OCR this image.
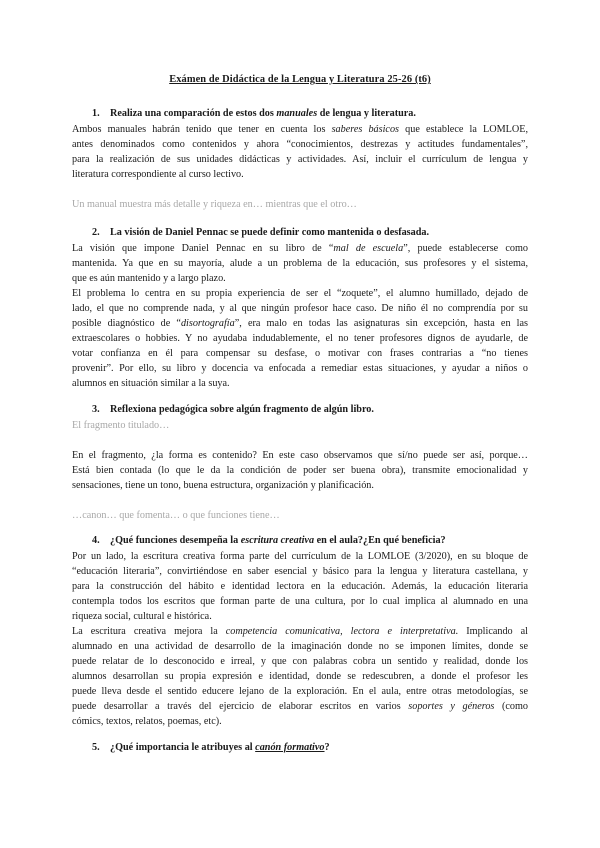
Exámen de Didáctica de la Lengua y Literatura 25-26 (t6)
1. Realiza una comparación de estos dos manuales de lengua y literatura.
Ambos manuales habrán tenido que tener en cuenta los saberes básicos que establece la LOMLOE,
antes denominados como contenidos y ahora “conocimientos, destrezas y actitudes fundamentales”,
para la realización de sus unidades didácticas y actividades. Así, incluir el currículum de lengua y
literatura correspondiente al curso lectivo.
Un manual muestra más detalle y riqueza en… mientras que el otro…
2. La visión de Daniel Pennac se puede definir como mantenida o desfasada.
La visión que impone Daniel Pennac en su libro de “mal de escuela”, puede establecerse como
mantenida. Ya que en su mayoría, alude a un problema de la educación, sus profesores y el sistema,
que es aún mantenido y a largo plazo.
El problema lo centra en su propia experiencia de ser el “zoquete”, el alumno humillado, dejado de
lado, el que no comprende nada, y al que ningún profesor hace caso. De niño él no comprendía por su
posible diagnóstico de “disortografía”, era malo en todas las asignaturas sin excepción, hasta en las
extraescolares o hobbies. Y no ayudaba indudablemente, el no tener profesores dignos de ayudarle, de
votar confianza en él para compensar su desfase, o motivar con frases contrarias a “no tienes
provenir”. Por ello, su libro y docencia va enfocada a remediar estas situaciones, y ayudar a niños o
alumnos en situación similar a la suya.
3. Reflexiona pedagógica sobre algún fragmento de algún libro.
El fragmento titulado…
En el fragmento, ¿la forma es contenido? En este caso observamos que sí/no puede ser así, porque…
Está bien contada (lo que le da la condición de poder ser buena obra), transmite emocionalidad y
sensaciones, tiene un tono, buena estructura, organización y planificación.
…canon… que fomenta… o que funciones tiene…
4. ¿Qué funciones desempeña la escritura creativa en el aula?¿En qué beneficia?
Por un lado, la escritura creativa forma parte del currículum de la LOMLOE (3/2020), en su bloque de
“educación literaria”, convirtiéndose en saber esencial y básico para la lengua y literatura castellana, y
para la construcción del hábito e identidad lectora en la educación. Además, la educación literaria
contempla todos los escritos que forman parte de una cultura, por lo cual implica al alumnado en una
riqueza social, cultural e histórica.
La escritura creativa mejora la competencia comunicativa, lectora e interpretativa. Implicando al
alumnado en una actividad de desarrollo de la imaginación donde no se imponen límites, donde se
puede relatar de lo desconocido e irreal, y que con palabras cobra un sentido y realidad, donde los
alumnos desarrollan su propia expresión e identidad, donde se redescubren, a donde el profesor les
puede lleva desde el sentido educere lejano de la exploración. En el aula, entre otras metodologías, se
puede desarrollar a través del ejercicio de elaborar escritos en varios soportes y géneros (como
cómics, textos, relatos, poemas, etc).
5. ¿Qué importancia le atribuyes al canón formativo?
